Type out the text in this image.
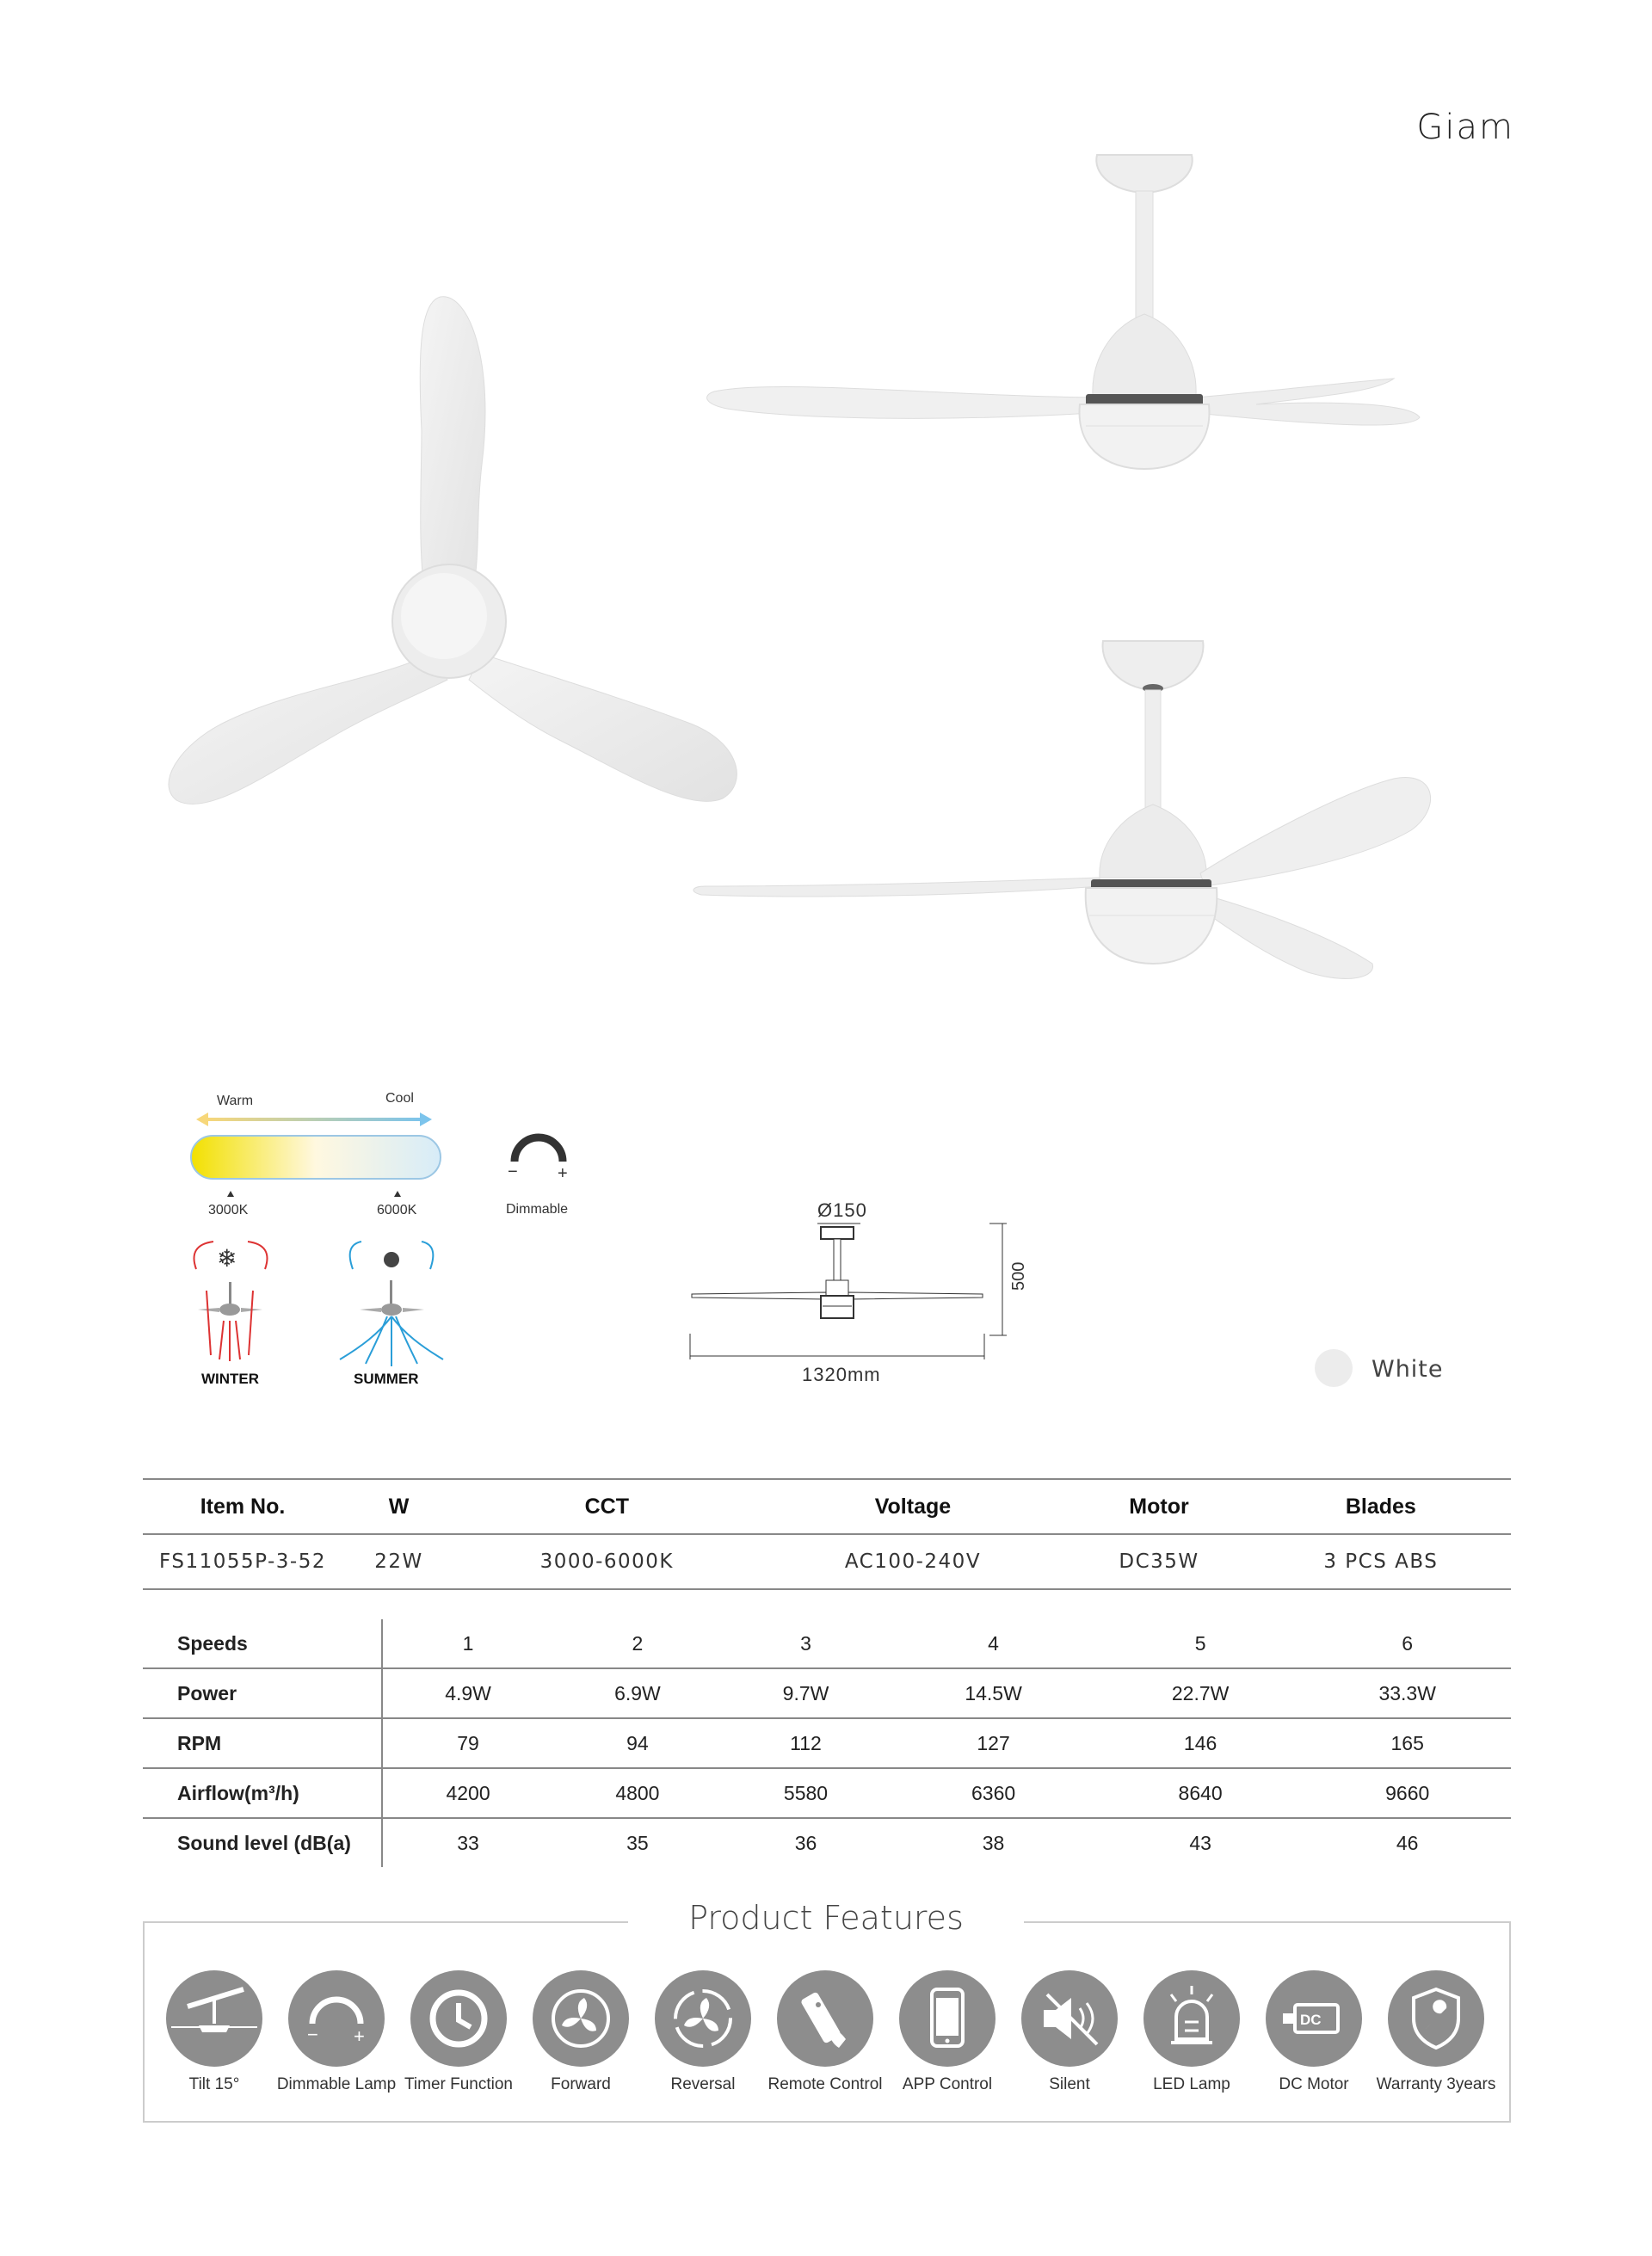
Giam
Warm	Cool
3000K	6000K
− +
Dimmable
❄
WINTER	SUMMER
Ø150
500
1320mm	White
Item No.	W	CCT	Voltage	Motor	Blades
FS11055P-3-52	22W	3000-6000K	AC100-240V	DC35W	3 PCS ABS
Speeds	1	2	3	4	5	6
Power	4.9W	6.9W	9.7W	14.5W	22.7W	33.3W
RPM	79	94	112	127	146	165
Airflow(m³/h)	4200	4800	5580	6360	8640	9660
Sound level (dB(a)	33	35	36	38	43	46
Product Features
Tilt 15°
− +
Dimmable Lamp Timer Function	Forward	Reversal	Remote Control	APP Control	Silent	LED Lamp
DC
DC Motor	Warranty 3years
